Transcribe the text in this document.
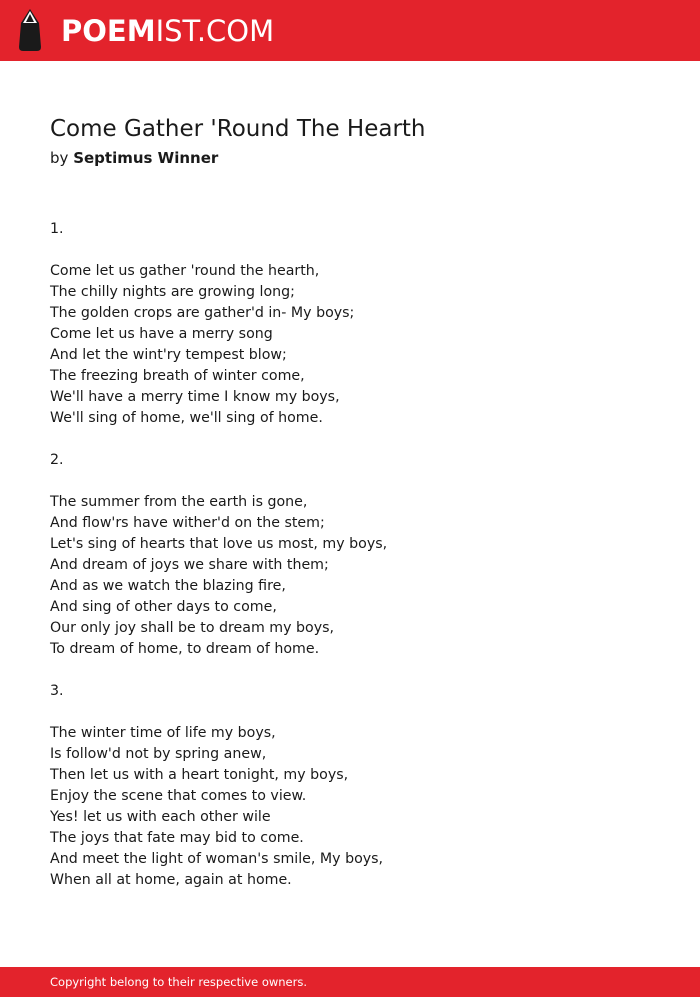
POEMIST.COM
Come Gather 'Round The Hearth
by Septimus Winner
1.
Come let us gather 'round the hearth,
The chilly nights are growing long;
The golden crops are gather'd in- My boys;
Come let us have a merry song
And let the wint'ry tempest blow;
The freezing breath of winter come,
We'll have a merry time I know my boys,
We'll sing of home, we'll sing of home.
2.
The summer from the earth is gone,
And flow'rs have wither'd on the stem;
Let's sing of hearts that love us most, my boys,
And dream of joys we share with them;
And as we watch the blazing fire,
And sing of other days to come,
Our only joy shall be to dream my boys,
To dream of home, to dream of home.
3.
The winter time of life my boys,
Is follow'd not by spring anew,
Then let us with a heart tonight, my boys,
Enjoy the scene that comes to view.
Yes! let us with each other wile
The joys that fate may bid to come.
And meet the light of woman's smile, My boys,
When all at home, again at home.
Copyright belong to their respective owners.
